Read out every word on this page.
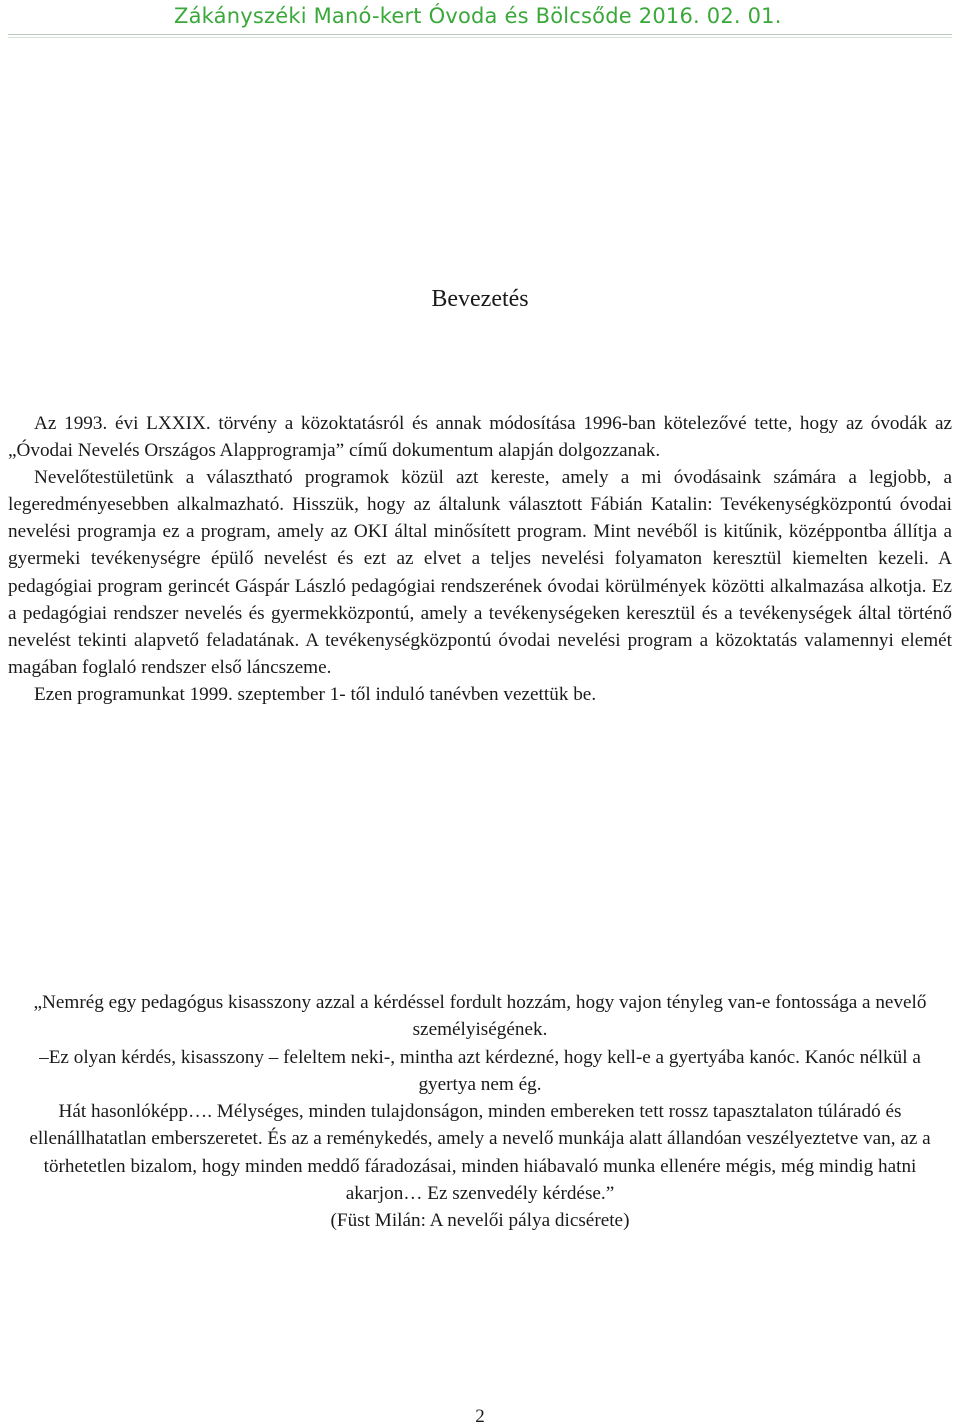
Zákányszéki Manó-kert Óvoda és Bölcsőde 2016. 02. 01.
Bevezetés

Az 1993. évi LXXIX. törvény a közoktatásról és annak módosítása 1996-ban kötelezővé tette, hogy az óvodák az „Óvodai Nevelés Országos Alapprogramja” című dokumentum alapján dolgozzanak.

Nevelőtestületünk a választható programok közül azt kereste, amely a mi óvodásaink számára a legjobb, a legeredményesebben alkalmazható. Hisszük, hogy az általunk választott Fábián Katalin: Tevékenységközpontú óvodai nevelési programja ez a program, amely az OKI által minősített program. Mint nevéből is kitűnik, középpontba állítja a gyermeki tevékenységre épülő nevelést és ezt az elvet a teljes nevelési folyamaton keresztül kiemelten kezeli. A pedagógiai program gerincét Gáspár László pedagógiai rendszerének óvodai körülmények közötti alkalmazása alkotja. Ez a pedagógiai rendszer nevelés és gyermekközpontú, amely a tevékenységeken keresztül és a tevékenységek által történő nevelést tekinti alapvető feladatának. A tevékenységközpontú óvodai nevelési program a közoktatás valamennyi elemét magában foglaló rendszer első láncszeme.

Ezen programunkat 1999. szeptember 1- től induló tanévben vezettük be.

„Nemrég egy pedagógus kisasszony azzal a kérdéssel fordult hozzám, hogy vajon tényleg van-e fontossága a nevelő személyiségének.

–Ez olyan kérdés, kisasszony – feleltem neki-, mintha azt kérdezné, hogy kell-e a gyertyába kanóc. Kanóc nélkül a gyertya nem ég.

Hát hasonlóképp…. Mélységes, minden tulajdonságon, minden embereken tett rossz tapasztalaton túláradó és ellenállhatatlan emberszeretet. És az a reménykedés, amely a nevelő munkája alatt állandóan veszélyeztetve van, az a törhetetlen bizalom, hogy minden meddő fáradozásai, minden hiábavaló munka ellenére mégis, még mindig hatni akarjon… Ez szenvedély kérdése.”

(Füst Milán: A nevelői pálya dicsérete)

2
